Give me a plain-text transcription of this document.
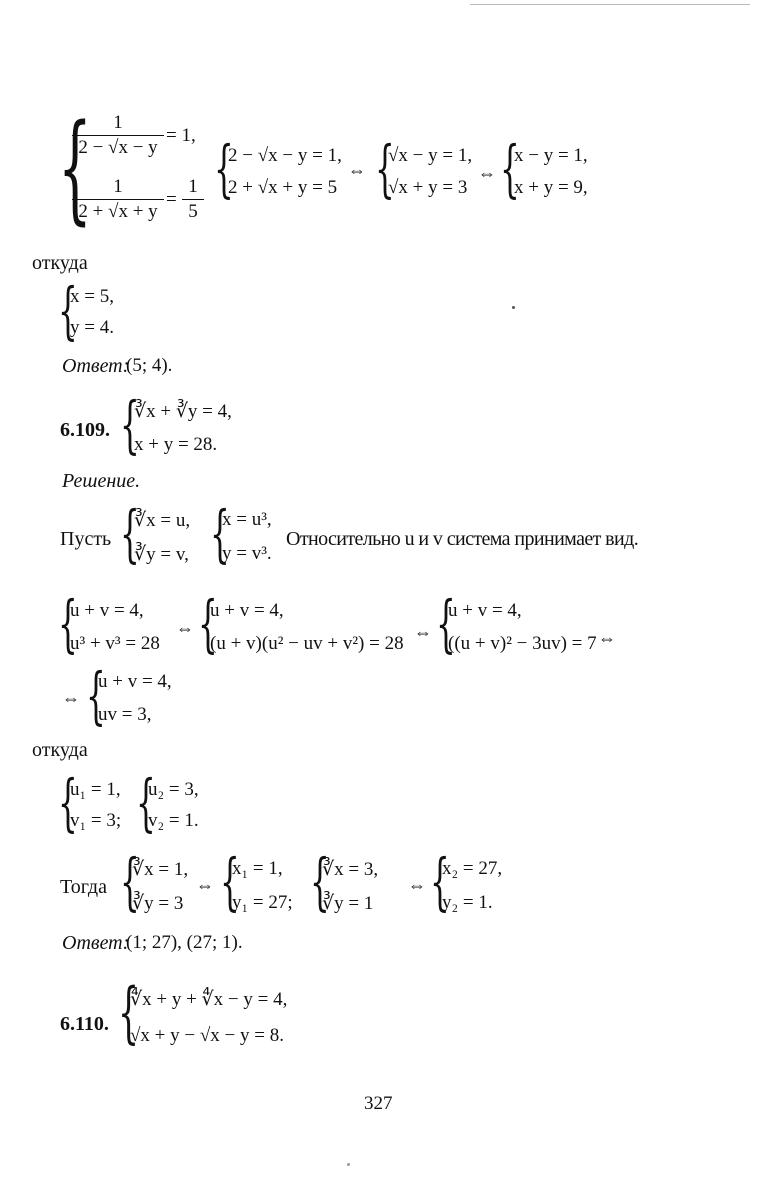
{	1
2 − √x − y
= 1,
1
2 + √x + y
=
1
5
{
2 − √x − y = 1,
2 + √x + y = 5
⇔ {
√x − y = 1,
√x + y = 3
⇔ {
x − y = 1,
x + y = 9,
откуда
{
x = 5,
y = 4.
Ответ:
(5; 4).
6.109. {
∛x + ∛y = 4,
x + y = 28.
Решение.
Пусть {
∛x = u,
∛y = v, {
x = u³,
y = v³.
Относительно u и v система принимает вид.
{
u + v = 4,
u³ + v³ = 28
⇔ {
u + v = 4,
(u + v)(u² − uv + v²) = 28
⇔ {
u + v = 4,
((u + v)² − 3uv) = 7 ⇔
⇔ {
u + v = 4,
uv = 3,
откуда
{
u₁ = 1,
v₁ = 3; {
u₂ = 3,
v₂ = 1.
Тогда {
∛x = 1,
∛y = 3
⇔ {
x₁ = 1,
y₁ = 27; {
∛x = 3,
∛y = 1
⇔ {
x₂ = 27,
y₂ = 1.
Ответ:
(1; 27), (27; 1).
6.110. {
∜x + y + ∜x − y = 4,
√x + y − √x − y = 8.
327
